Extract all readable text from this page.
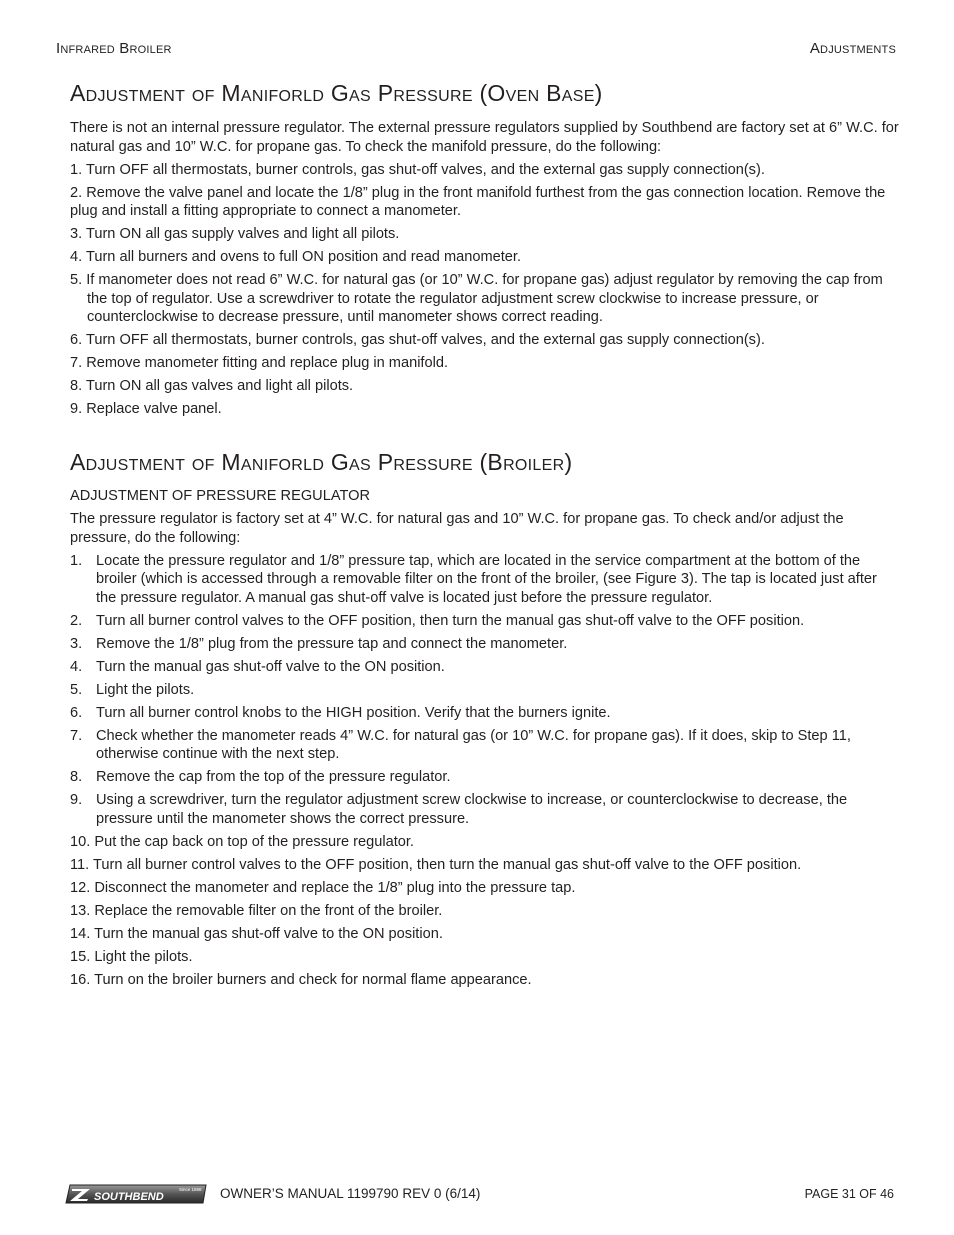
Infrared Broiler	Adjustments
Adjustment of Maniforld Gas Pressure (Oven Base)

There is not an internal pressure regulator. The external pressure regulators supplied by Southbend are factory set at 6” W.C. for natural gas and 10” W.C. for propane gas. To check the manifold pressure, do the following:

1. Turn OFF all thermostats, burner controls, gas shut-off valves, and the external gas supply connection(s).

2. Remove the valve panel and locate the 1/8” plug in the front manifold furthest from the gas connection location. Remove the plug and install a fitting appropriate to connect a manometer.

3. Turn ON all gas supply valves and light all pilots.

4. Turn all burners and ovens to full ON position and read manometer.

5. If manometer does not read 6” W.C. for natural gas (or 10” W.C. for propane gas) adjust regulator by removing the cap from the top of regulator. Use a screwdriver to rotate the regulator adjustment screw clockwise to increase pressure, or counterclockwise to decrease pressure, until manometer shows correct reading.

6. Turn OFF all thermostats, burner controls, gas shut-off valves, and the external gas supply connection(s).

7. Remove manometer fitting and replace plug in manifold.

8. Turn ON all gas valves and light all pilots.

9. Replace valve panel.

Adjustment of Maniforld Gas Pressure (Broiler)

ADJUSTMENT OF PRESSURE REGULATOR

The pressure regulator is factory set at 4” W.C. for natural gas and 10” W.C. for propane gas. To check and/or adjust the pressure, do the following:

1. Locate the pressure regulator and 1/8” pressure tap, which are located in the service compartment at the bottom of the broiler (which is accessed through a removable filter on the front of the broiler, (see Figure 3). The tap is located just after the pressure regulator. A manual gas shut-off valve is located just before the pressure regulator.
2. Turn all burner control valves to the OFF position, then turn the manual gas shut-off valve to the OFF position.
3. Remove the 1/8” plug from the pressure tap and connect the manometer.
4. Turn the manual gas shut-off valve to the ON position.
5. Light the pilots.
6. Turn all burner control knobs to the HIGH position. Verify that the burners ignite.
7. Check whether the manometer reads 4” W.C. for natural gas (or 10” W.C. for propane gas). If it does, skip to Step 11, otherwise continue with the next step.
8. Remove the cap from the top of the pressure regulator.
9. Using a screwdriver, turn the regulator adjustment screw clockwise to increase, or counterclockwise to decrease, the pressure until the manometer shows the correct pressure.

10. Put the cap back on top of the pressure regulator.

11. Turn all burner control valves to the OFF position, then turn the manual gas shut-off valve to the OFF position.

12. Disconnect the manometer and replace the 1/8” plug into the pressure tap.

13. Replace the removable filter on the front of the broiler.

14. Turn the manual gas shut-off valve to the ON position.

15. Light the pilots.

16. Turn on the broiler burners and check for normal flame appearance.

SOUTHBEND
Since 1898 OWNER’S MANUAL 1199790 REV 0 (6/14)	PAGE 31 OF 46
